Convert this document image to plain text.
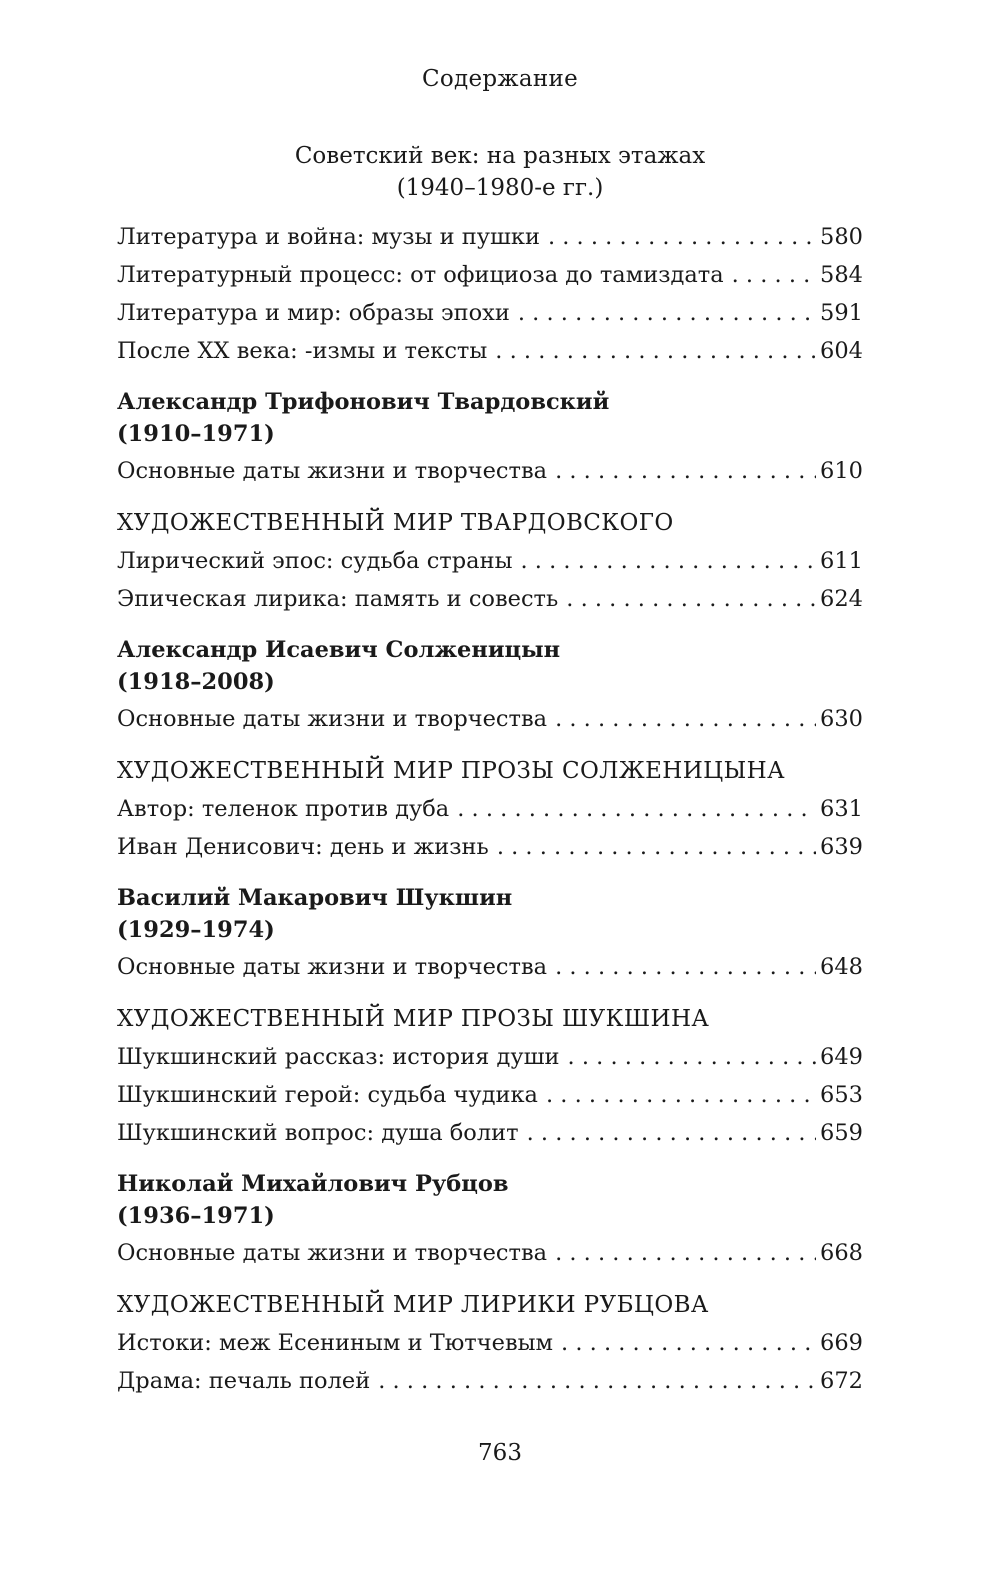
Содержание
Советский век: на разных этажах
(1940–1980-е гг.)
Литература и война: музы и пушки . . .	580
Литературный процесс: от официоза до тамиздата . . .	584
Литература и мир: образы эпохи . . .	591
После XX века: -измы и тексты . . .	604
Александр Трифонович Твардовский
(1910–1971)
Основные даты жизни и творчества . . .	610
ХУДОЖЕСТВЕННЫЙ МИР ТВАРДОВСКОГО
Лирический эпос: судьба страны . . .	611
Эпическая лирика: память и совесть . . .	624
Александр Исаевич Солженицын
(1918–2008)
Основные даты жизни и творчества . . .	630
ХУДОЖЕСТВЕННЫЙ МИР ПРОЗЫ СОЛЖЕНИЦЫНА
Автор: теленок против дуба . . .	631
Иван Денисович: день и жизнь . . .	639
Василий Макарович Шукшин
(1929–1974)
Основные даты жизни и творчества . . .	648
ХУДОЖЕСТВЕННЫЙ МИР ПРОЗЫ ШУКШИНА
Шукшинский рассказ: история души . . .	649
Шукшинский герой: судьба чудика . . .	653
Шукшинский вопрос: душа болит . . .	659
Николай Михайлович Рубцов
(1936–1971)
Основные даты жизни и творчества . . .	668
ХУДОЖЕСТВЕННЫЙ МИР ЛИРИКИ РУБЦОВА
Истоки: меж Есениным и Тютчевым . . .	669
Драма: печаль полей . . .	672
763
